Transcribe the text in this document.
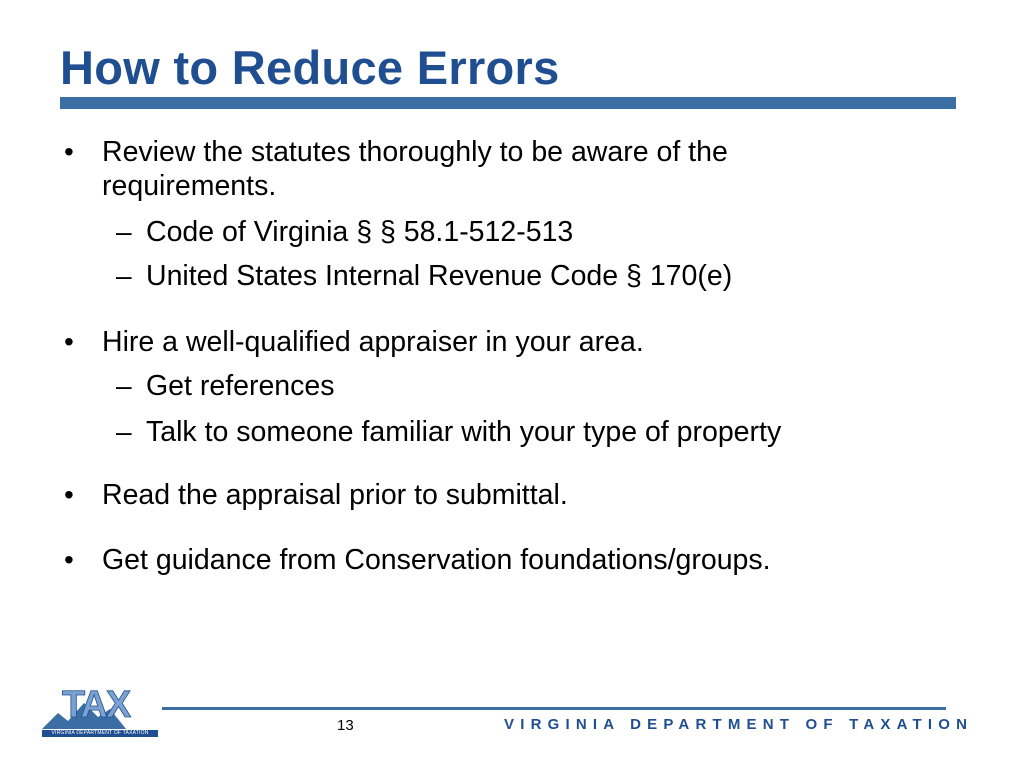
How to Reduce Errors
• Review the statutes thoroughly to be aware of the
requirements.
– Code of Virginia § § 58.1-512-513
– United States Internal Revenue Code § 170(e)
• Hire a well-qualified appraiser in your area.
– Get references
– Talk to someone familiar with your type of property
• Read the appraisal prior to submittal.
• Get guidance from Conservation foundations/groups.
TAX
VIRGINIA DEPARTMENT OF TAXATION	13	VIRGINIA DEPARTMENT OF TAXATION
